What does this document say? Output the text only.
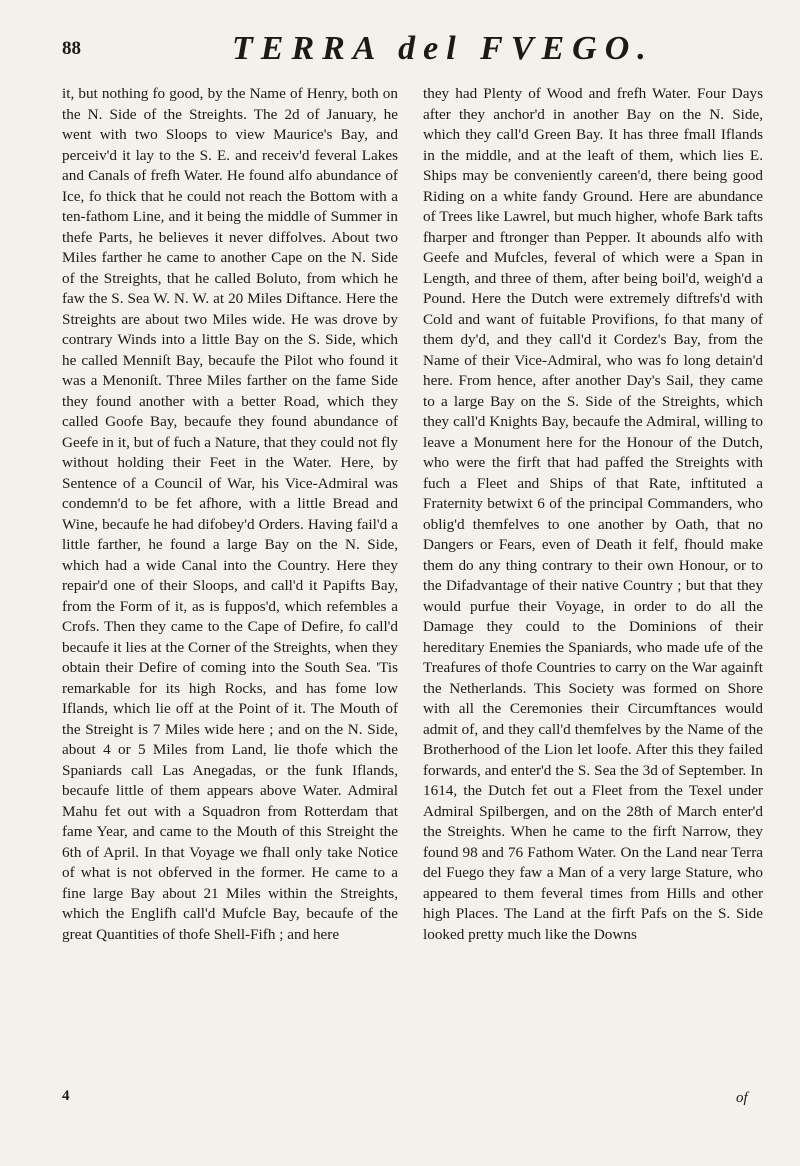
88	TERRA del FVEGO.

it, but nothing fo good, by the Name of Henry, both on the N. Side of the Streights. The 2d of January, he went with two Sloops to view Maurice's Bay, and perceiv'd it lay to the S. E. and receiv'd feveral Lakes and Canals of frefh Water. He found alfo abundance of Ice, fo thick that he could not reach the Bottom with a ten-fathom Line, and it being the middle of Summer in thefe Parts, he believes it never diffolves. About two Miles farther he came to another Cape on the N. Side of the Streights, that he called Boluto, from which he faw the S. Sea W. N. W. at 20 Miles Diftance. Here the Streights are about two Miles wide. He was drove by contrary Winds into a little Bay on the S. Side, which he called Menniſt Bay, becaufe the Pilot who found it was a Menoniſt. Three Miles farther on the fame Side they found another with a better Road, which they called Goofe Bay, becaufe they found abundance of Geefe in it, but of fuch a Nature, that they could not fly without holding their Feet in the Water. Here, by Sentence of a Council of War, his Vice-Admiral was condemn'd to be fet afhore, with a little Bread and Wine, becaufe he had difobey'd Orders. Having fail'd a little farther, he found a large Bay on the N. Side, which had a wide Canal into the Country. Here they repair'd one of their Sloops, and call'd it Papifts Bay, from the Form of it, as is fuppos'd, which refembles a Crofs. Then they came to the Cape of Defire, fo call'd becaufe it lies at the Corner of the Streights, when they obtain their Defire of coming into the South Sea. 'Tis remarkable for its high Rocks, and has fome low Iflands, which lie off at the Point of it. The Mouth of the Streight is 7 Miles wide here ; and on the N. Side, about 4 or 5 Miles from Land, lie thofe which the Spaniards call Las Anegadas, or the funk Iflands, becaufe little of them appears above Water. Admiral Mahu fet out with a Squadron from Rotterdam that fame Year, and came to the Mouth of this Streight the 6th of April. In that Voyage we fhall only take Notice of what is not obferved in the former. He came to a fine large Bay about 21 Miles within the Streights, which the Englifh call'd Mufcle Bay, becaufe of the great Quantities of thofe Shell-Fifh ; and here

they had Plenty of Wood and frefh Water. Four Days after they anchor'd in another Bay on the N. Side, which they call'd Green Bay. It has three fmall Iflands in the middle, and at the leaft of them, which lies E. Ships may be conveniently careen'd, there being good Riding on a white fandy Ground. Here are abundance of Trees like Lawrel, but much higher, whofe Bark tafts fharper and ftronger than Pepper. It abounds alfo with Geefe and Mufcles, feveral of which were a Span in Length, and three of them, after being boil'd, weigh'd a Pound. Here the Dutch were extremely diftrefs'd with Cold and want of fuitable Provifions, fo that many of them dy'd, and they call'd it Cordez's Bay, from the Name of their Vice-Admiral, who was fo long detain'd here. From hence, after another Day's Sail, they came to a large Bay on the S. Side of the Streights, which they call'd Knights Bay, becaufe the Admiral, willing to leave a Monument here for the Honour of the Dutch, who were the firft that had paffed the Streights with fuch a Fleet and Ships of that Rate, inftituted a Fraternity betwixt 6 of the principal Commanders, who oblig'd themfelves to one another by Oath, that no Dangers or Fears, even of Death it felf, fhould make them do any thing contrary to their own Honour, or to the Difadvantage of their native Country ; but that they would purfue their Voyage, in order to do all the Damage they could to the Dominions of their hereditary Enemies the Spaniards, who made ufe of the Treafures of thofe Countries to carry on the War againft the Netherlands. This Society was formed on Shore with all the Ceremonies their Circumftances would admit of, and they call'd themfelves by the Name of the Brotherhood of the Lion let loofe. After this they failed forwards, and enter'd the S. Sea the 3d of September. In 1614, the Dutch fet out a Fleet from the Texel under Admiral Spilbergen, and on the 28th of March enter'd the Streights. When he came to the firft Narrow, they found 98 and 76 Fathom Water. On the Land near Terra del Fuego they faw a Man of a very large Stature, who appeared to them feveral times from Hills and other high Places. The Land at the firft Pafs on the S. Side looked pretty much like the Downs

4	of
